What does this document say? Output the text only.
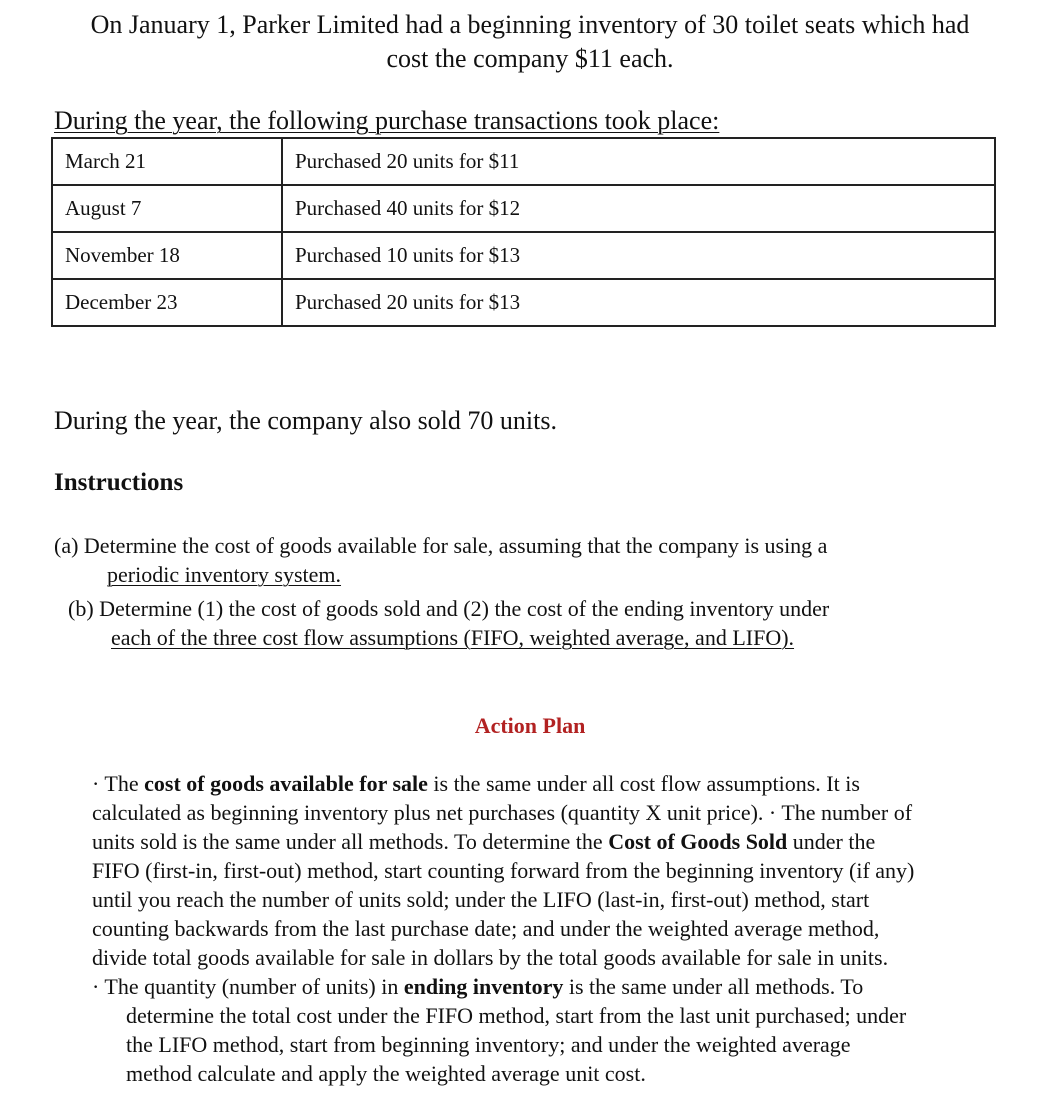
On January 1, Parker Limited had a beginning inventory of 30 toilet seats which had
cost the company $11 each.
During the year, the following purchase transactions took place:
March 21	Purchased 20 units for $11
August 7	Purchased 40 units for $12
November 18	Purchased 10 units for $13
December 23	Purchased 20 units for $13
During the year, the company also sold 70 units.
Instructions
(a) Determine the cost of goods available for sale, assuming that the company is using a
periodic inventory system.
(b) Determine (1) the cost of goods sold and (2) the cost of the ending inventory under
each of the three cost flow assumptions (FIFO, weighted average, and LIFO).
Action Plan

· The cost of goods available for sale is the same under all cost flow assumptions. It is
calculated as beginning inventory plus net purchases (quantity X unit price). · The number of
units sold is the same under all methods. To determine the Cost of Goods Sold under the
FIFO (first-in, first-out) method, start counting forward from the beginning inventory (if any)
until you reach the number of units sold; under the LIFO (last-in, first-out) method, start
counting backwards from the last purchase date; and under the weighted average method,
divide total goods available for sale in dollars by the total goods available for sale in units.

· The quantity (number of units) in ending inventory is the same under all methods. To
determine the total cost under the FIFO method, start from the last unit purchased; under
the LIFO method, start from beginning inventory; and under the weighted average
method calculate and apply the weighted average unit cost.
